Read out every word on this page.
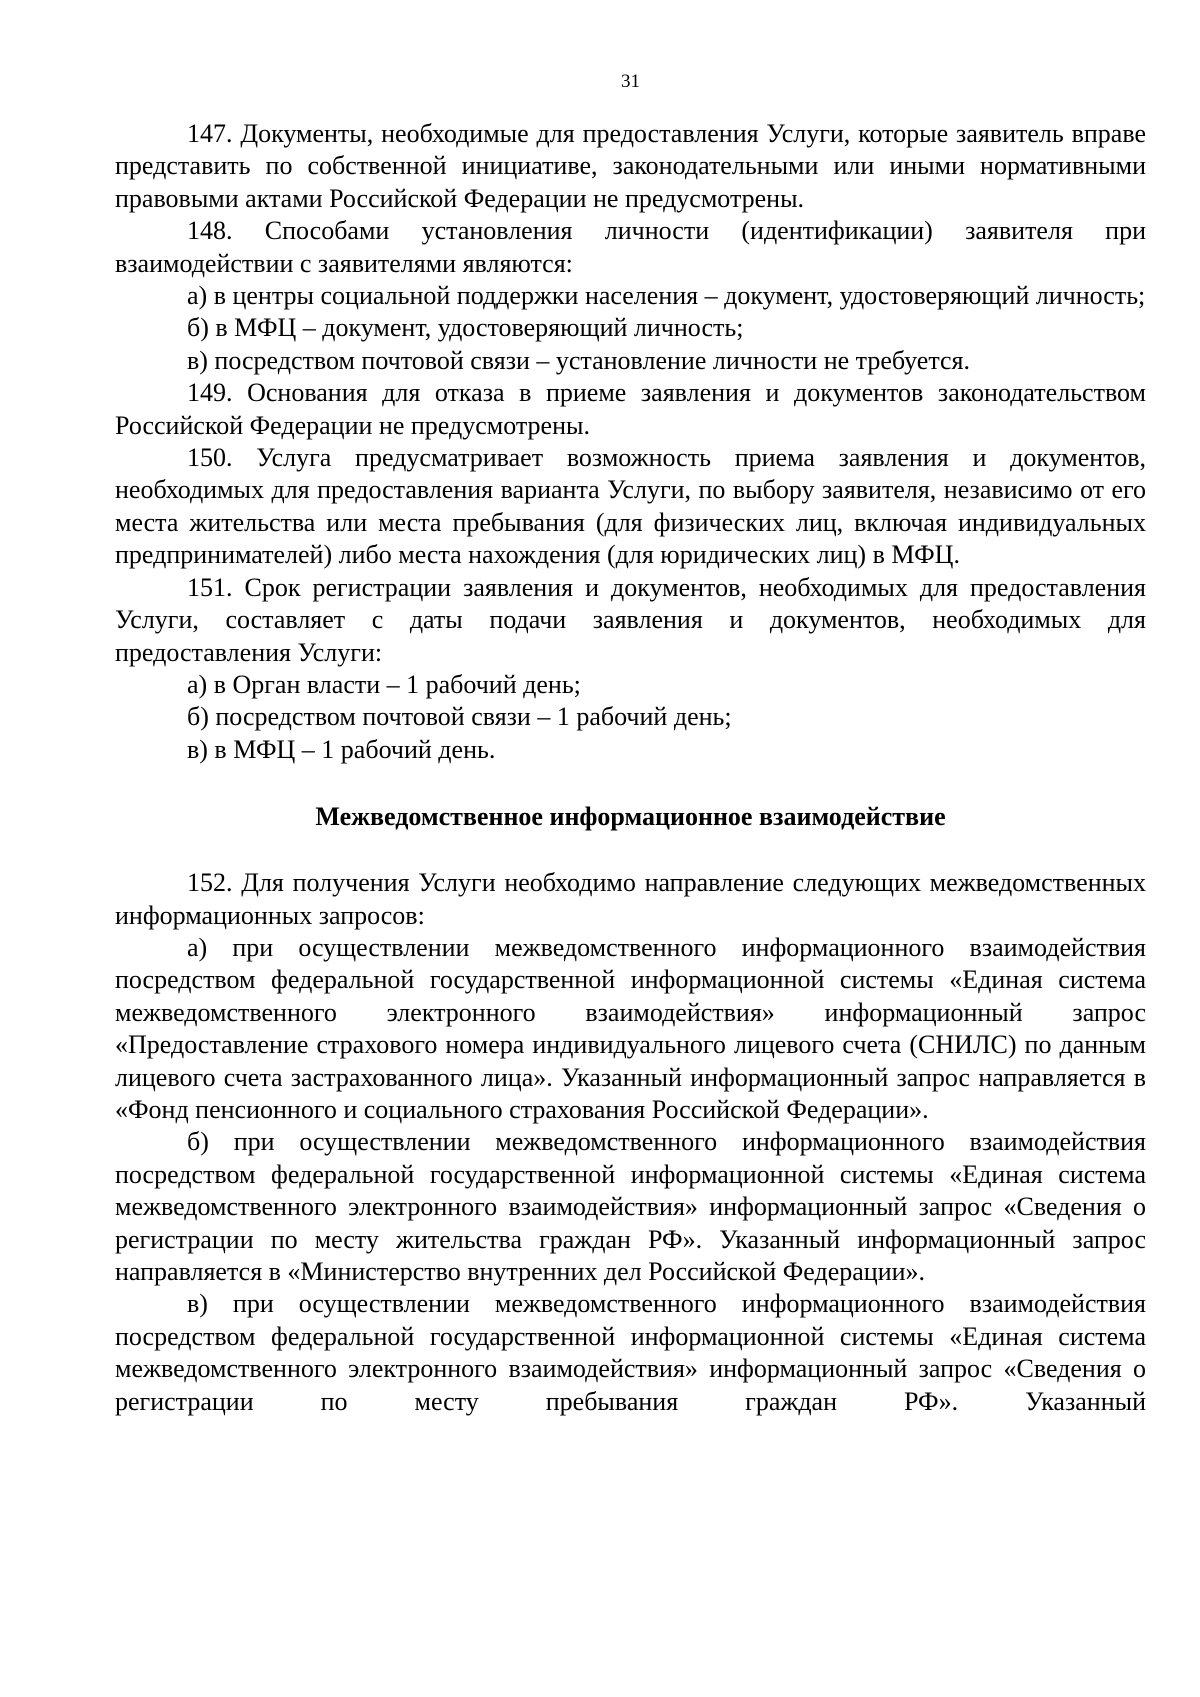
31

147. Документы, необходимые для предоставления Услуги, которые заявитель вправе представить по собственной инициативе, законодательными или иными нормативными правовыми актами Российской Федерации не предусмотрены.

148. Способами установления личности (идентификации) заявителя при взаимодействии с заявителями являются:

а) в центры социальной поддержки населения – документ, удостоверяющий личность;

б) в МФЦ – документ, удостоверяющий личность;

в) посредством почтовой связи – установление личности не требуется.

149. Основания для отказа в приеме заявления и документов законодательством Российской Федерации не предусмотрены.

150. Услуга предусматривает возможность приема заявления и документов, необходимых для предоставления варианта Услуги, по выбору заявителя, независимо от его места жительства или места пребывания (для физических лиц, включая индивидуальных предпринимателей) либо места нахождения (для юридических лиц) в МФЦ.

151. Срок регистрации заявления и документов, необходимых для предоставления Услуги, составляет с даты подачи заявления и документов, необходимых для предоставления Услуги:

а) в Орган власти – 1 рабочий день;

б) посредством почтовой связи – 1 рабочий день;

в) в МФЦ – 1 рабочий день.

Межведомственное информационное взаимодействие

152. Для получения Услуги необходимо направление следующих межведомственных информационных запросов:

а) при осуществлении межведомственного информационного взаимодействия посредством федеральной государственной информационной системы «Единая система межведомственного электронного взаимодействия» информационный запрос «Предоставление страхового номера индивидуального лицевого счета (СНИЛС) по данным лицевого счета застрахованного лица». Указанный информационный запрос направляется в «Фонд пенсионного и социального страхования Российской Федерации».

б) при осуществлении межведомственного информационного взаимодействия посредством федеральной государственной информационной системы «Единая система межведомственного электронного взаимодействия» информационный запрос «Сведения о регистрации по месту жительства граждан РФ». Указанный информационный запрос направляется в «Министерство внутренних дел Российской Федерации».

в) при осуществлении межведомственного информационного взаимодействия посредством федеральной государственной информационной системы «Единая система межведомственного электронного взаимодействия» информационный запрос «Сведения о регистрации по месту пребывания граждан РФ». Указанный
